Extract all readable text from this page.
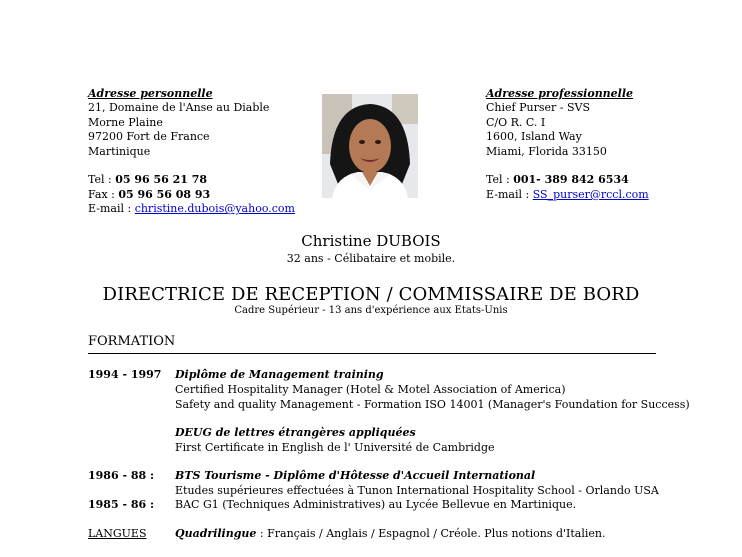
Adresse personnelle
21, Domaine de l'Anse au Diable
Morne Plaine
97200 Fort de France
Martinique

Tel : 05 96 56 21 78
Fax : 05 96 56 08 93
E-mail : christine.dubois@yahoo.com
Adresse professionnelle
Chief Purser - SVS
C/O R. C. I
1600, Island Way
Miami, Florida 33150

Tel : 001- 389 842 6534
E-mail : SS_purser@rccl.com
Christine DUBOIS
32 ans - Célibataire et mobile.
DIRECTRICE DE RECEPTION / COMMISSAIRE DE BORD
Cadre Supérieur - 13 ans d'expérience aux Etats-Unis
FORMATION
1994 - 1997 Diplôme de Management training
Certified Hospitality Manager (Hotel & Motel Association of America)
Safety and quality Management - Formation ISO 14001 (Manager's Foundation for Success)
DEUG de lettres étrangères appliquées
First Certificate in English de l' Université de Cambridge
1986 - 88 : BTS Tourisme - Diplôme d'Hôtesse d'Accueil International
Etudes supérieures effectuées à Tunon International Hospitality School - Orlando USA
1985 - 86 : BAC G1 (Techniques Administratives) au Lycée Bellevue en Martinique.
LANGUES	Quadrilingue : Français / Anglais / Espagnol / Créole. Plus notions d'Italien.
